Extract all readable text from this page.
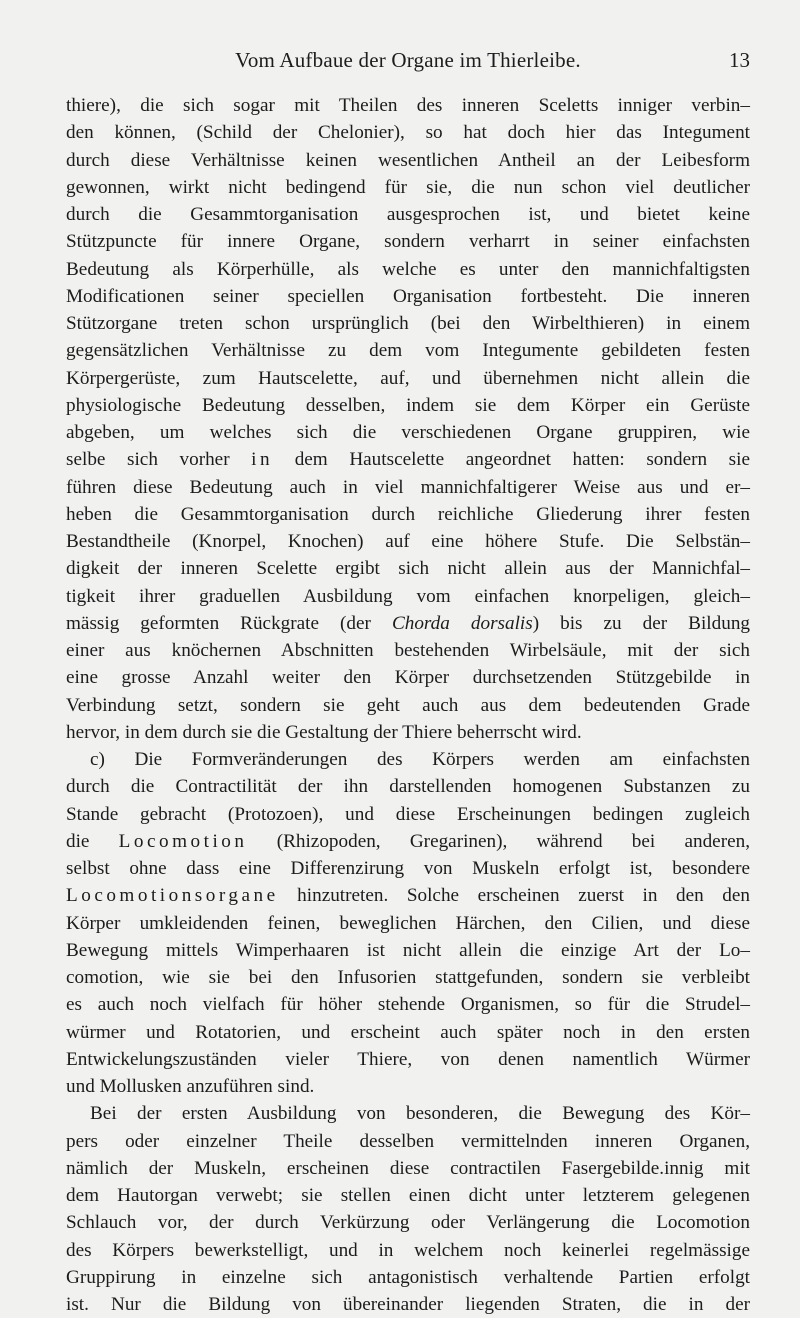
Vom Aufbaue der Organe im Thierleibe.	13
thiere), die sich sogar mit Theilen des inneren Sceletts inniger verbin–
den können, (Schild der Chelonier), so hat doch hier das Integument
durch diese Verhältnisse keinen wesentlichen Antheil an der Leibesform
gewonnen, wirkt nicht bedingend für sie, die nun schon viel deutlicher
durch die Gesammtorganisation ausgesprochen ist, und bietet keine
Stützpuncte für innere Organe, sondern verharrt in seiner einfachsten
Bedeutung als Körperhülle, als welche es unter den mannichfaltigsten
Modificationen seiner speciellen Organisation fortbesteht. Die inneren
Stützorgane treten schon ursprünglich (bei den Wirbelthieren) in einem
gegensätzlichen Verhältnisse zu dem vom Integumente gebildeten festen
Körpergerüste, zum Hautscelette, auf, und übernehmen nicht allein die
physiologische Bedeutung desselben, indem sie dem Körper ein Gerüste
abgeben, um welches sich die verschiedenen Organe gruppiren, wie
selbe sich vorher in dem Hautscelette angeordnet hatten: sondern sie
führen diese Bedeutung auch in viel mannichfaltigerer Weise aus und er–
heben die Gesammtorganisation durch reichliche Gliederung ihrer festen
Bestandtheile (Knorpel, Knochen) auf eine höhere Stufe. Die Selbstän–
digkeit der inneren Scelette ergibt sich nicht allein aus der Mannichfal–
tigkeit ihrer graduellen Ausbildung vom einfachen knorpeligen, gleich–
mässig geformten Rückgrate (der Chorda dorsalis) bis zu der Bildung
einer aus knöchernen Abschnitten bestehenden Wirbelsäule, mit der sich
eine grosse Anzahl weiter den Körper durchsetzenden Stützgebilde in
Verbindung setzt, sondern sie geht auch aus dem bedeutenden Grade
hervor, in dem durch sie die Gestaltung der Thiere beherrscht wird.
c) Die Formveränderungen des Körpers werden am einfachsten
durch die Contractilität der ihn darstellenden homogenen Substanzen zu
Stande gebracht (Protozoen), und diese Erscheinungen bedingen zugleich
die Locomotion (Rhizopoden, Gregarinen), während bei anderen,
selbst ohne dass eine Differenzirung von Muskeln erfolgt ist, besondere
Locomotionsorgane hinzutreten. Solche erscheinen zuerst in den den
Körper umkleidenden feinen, beweglichen Härchen, den Cilien, und diese
Bewegung mittels Wimperhaaren ist nicht allein die einzige Art der Lo–
comotion, wie sie bei den Infusorien stattgefunden, sondern sie verbleibt
es auch noch vielfach für höher stehende Organismen, so für die Strudel–
würmer und Rotatorien, und erscheint auch später noch in den ersten
Entwickelungszuständen vieler Thiere, von denen namentlich Würmer
und Mollusken anzuführen sind.
Bei der ersten Ausbildung von besonderen, die Bewegung des Kör–
pers oder einzelner Theile desselben vermittelnden inneren Organen,
nämlich der Muskeln, erscheinen diese contractilen Fasergebilde.innig mit
dem Hautorgan verwebt; sie stellen einen dicht unter letzterem gelegenen
Schlauch vor, der durch Verkürzung oder Verlängerung die Locomotion
des Körpers bewerkstelligt, und in welchem noch keinerlei regelmässige
Gruppirung in einzelne sich antagonistisch verhaltende Partien erfolgt
ist. Nur die Bildung von übereinander liegenden Straten, die in der
